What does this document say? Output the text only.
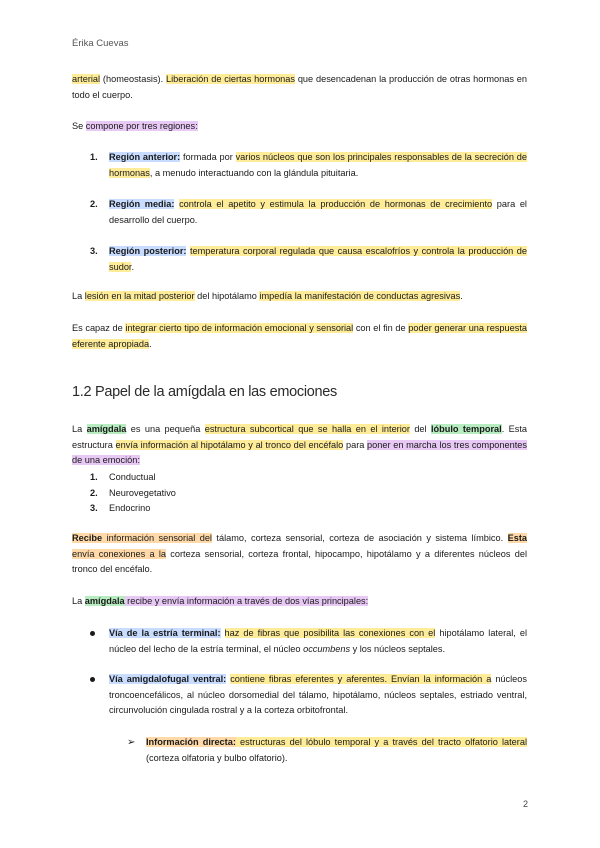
Érika Cuevas
arterial (homeostasis). Liberación de ciertas hormonas que desencadenan la producción de otras hormonas en todo el cuerpo.
Se compone por tres regiones:
1. Región anterior: formada por varios núcleos que son los principales responsables de la secreción de hormonas, a menudo interactuando con la glándula pituitaria.
2. Región media: controla el apetito y estimula la producción de hormonas de crecimiento para el desarrollo del cuerpo.
3. Región posterior: temperatura corporal regulada que causa escalofríos y controla la producción de sudor.
La lesión en la mitad posterior del hipotálamo impedía la manifestación de conductas agresivas.
Es capaz de integrar cierto tipo de información emocional y sensorial con el fin de poder generar una respuesta eferente apropiada.
1.2 Papel de la amígdala en las emociones
La amígdala es una pequeña estructura subcortical que se halla en el interior del lóbulo temporal. Esta estructura envía información al hipotálamo y al tronco del encéfalo para poner en marcha los tres componentes de una emoción:
1. Conductual
2. Neurovegetativo
3. Endocrino
Recibe información sensorial del tálamo, corteza sensorial, corteza de asociación y sistema límbico. Esta envía conexiones a la corteza sensorial, corteza frontal, hipocampo, hipotálamo y a diferentes núcleos del tronco del encéfalo.
La amígdala recibe y envía información a través de dos vías principales:
Vía de la estría terminal: haz de fibras que posibilita las conexiones con el hipotálamo lateral, el núcleo del lecho de la estría terminal, el núcleo occumbens y los núcleos septales.
Vía amigdalofugal ventral: contiene fibras eferentes y aferentes. Envían la información a núcleos troncoencefálicos, al núcleo dorsomedial del tálamo, hipotálamo, núcleos septales, estriado ventral, circunvolución cingulada rostral y a la corteza orbitofrontal.
➢ Información directa: estructuras del lóbulo temporal y a través del tracto olfatorio lateral (corteza olfatoria y bulbo olfatorio).
2
